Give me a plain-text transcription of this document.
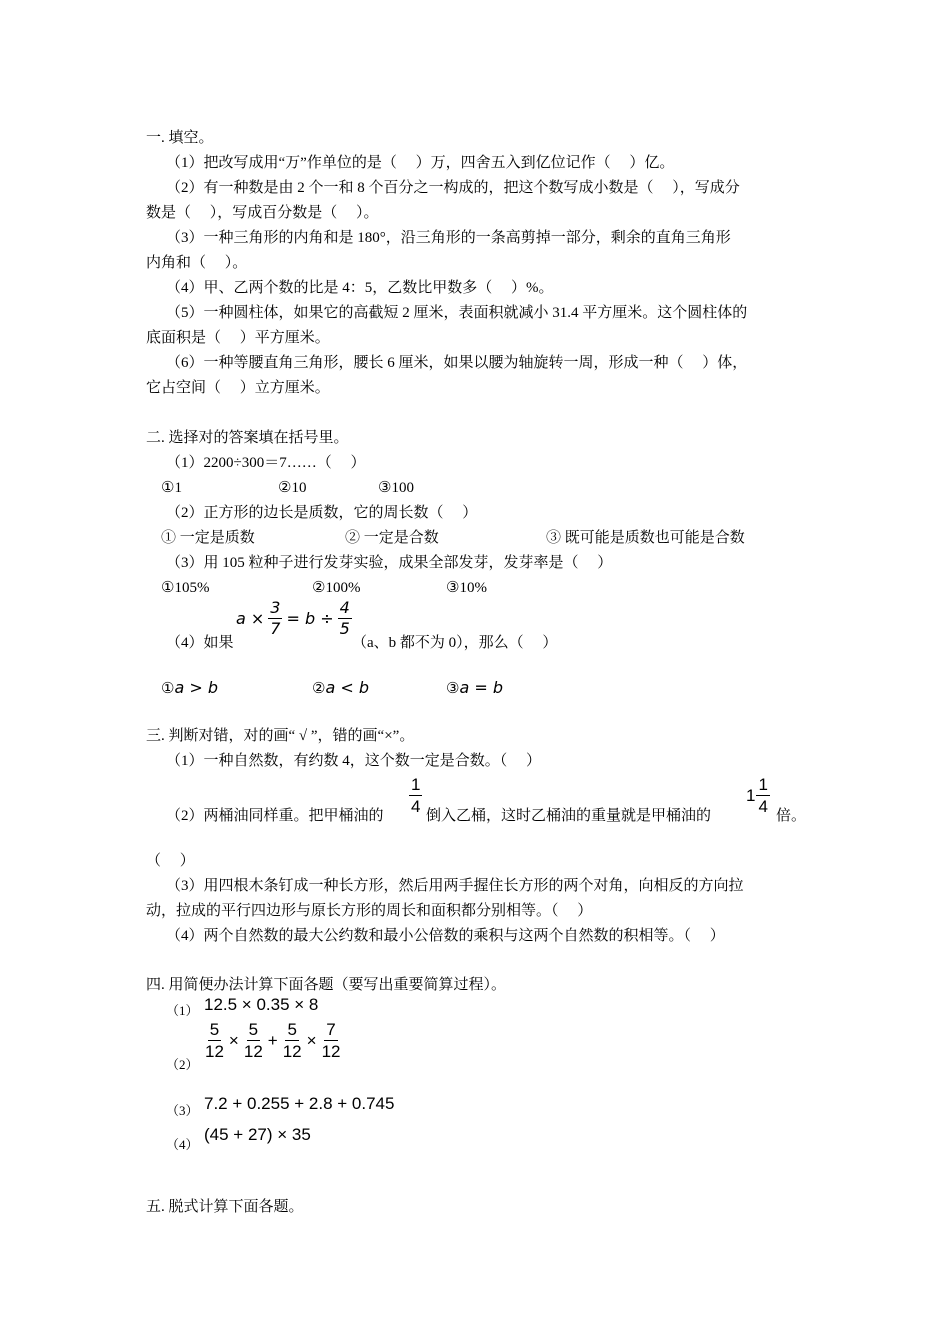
一. 填空。
（1）把改写成用“万”作单位的是（　 ）万，四舍五入到亿位记作（　 ）亿。
（2）有一种数是由 2 个一和 8 个百分之一构成的，把这个数写成小数是（　 ），写成分
数是（　 ），写成百分数是（　 ）。
（3）一种三角形的内角和是 180°，沿三角形的一条高剪掉一部分，剩余的直角三角形
内角和（　 ）。
（4）甲、乙两个数的比是 4：5，乙数比甲数多（　 ）%。
（5）一种圆柱体，如果它的高截短 2 厘米，表面积就减小 31.4 平方厘米。这个圆柱体的
底面积是（　 ）平方厘米。
（6）一种等腰直角三角形，腰长 6 厘米，如果以腰为轴旋转一周，形成一种（　 ）体，
它占空间（　 ）立方厘米。
二. 选择对的答案填在括号里。
（1）2200÷300＝7……（　 ）
①1	②10	③100
（2）正方形的边长是质数，它的周长数（　 ）
① 一定是质数	② 一定是合数	③ 既可能是质数也可能是合数
（3）用 105 粒种子进行发芽实验，成果全部发芽，发芽率是（　 ）
①105%	②100%	③10%
（4）如果
$a \times \frac{3}{7} = b \div \frac{4}{5}$
（a、b 都不为 0），那么（　 ）
①a > b	②a < b	③a = b
三. 判断对错，对的画“ √ ”，错的画“×”。
（1）一种自然数，有约数 4，这个数一定是合数。（　 ）
（2）两桶油同样重。把甲桶油的
$\frac{1}{4}$
倒入乙桶，这时乙桶油的重量就是甲桶油的
$1 \frac{1}{4}$
倍。
（　 ）
（3）用四根木条钉成一种长方形，然后用两手握住长方形的两个对角，向相反的方向拉
动，拉成的平行四边形与原长方形的周长和面积都分别相等。（　 ）
（4）两个自然数的最大公约数和最小公倍数的乘积与这两个自然数的积相等。（　 ）
四. 用简便办法计算下面各题（要写出重要简算过程）。
（1） 12.5 × 0.35 × 8
（2）
$\frac{5}{12} \times \frac{5}{12} + \frac{5}{12} \times \frac{7}{12}$
（3） 7.2 + 0.255 + 2.8 + 0.745
（4）
(45 + 27) × 35
五. 脱式计算下面各题。
